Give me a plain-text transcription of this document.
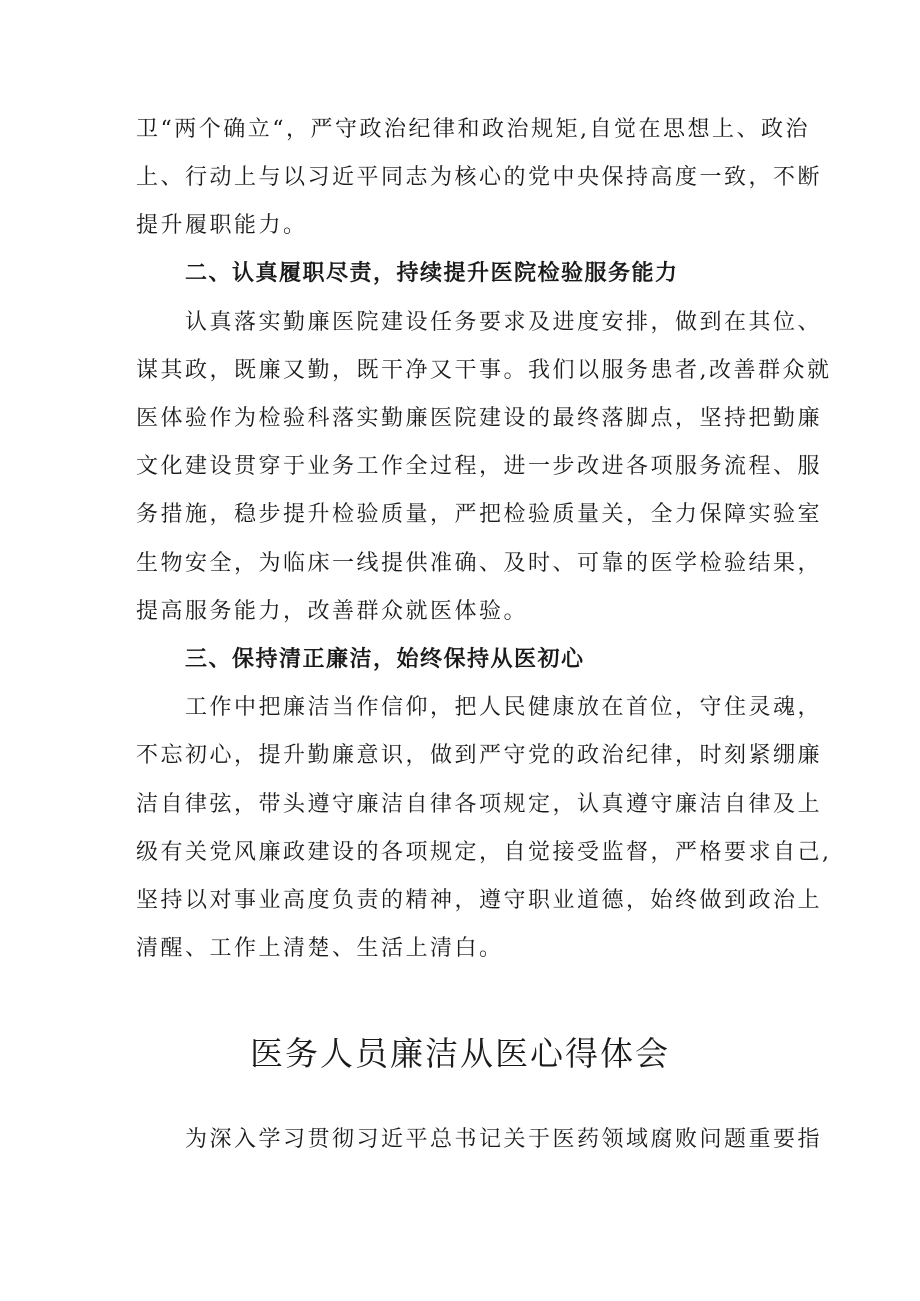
卫“两个确立“，严守政治纪律和政治规矩,自觉在思想上、政治
上、行动上与以习近平同志为核心的党中央保持高度一致，不断
提升履职能力。
二、认真履职尽责，持续提升医院检验服务能力
认真落实勤廉医院建设任务要求及进度安排，做到在其位、
谋其政，既廉又勤，既干净又干事。我们以服务患者,改善群众就
医体验作为检验科落实勤廉医院建设的最终落脚点，坚持把勤廉
文化建设贯穿于业务工作全过程，进一步改进各项服务流程、服
务措施，稳步提升检验质量，严把检验质量关，全力保障实验室
生物安全，为临床一线提供准确、及时、可靠的医学检验结果，
提高服务能力，改善群众就医体验。
三、保持清正廉洁，始终保持从医初心
工作中把廉洁当作信仰，把人民健康放在首位，守住灵魂，
不忘初心，提升勤廉意识，做到严守党的政治纪律，时刻紧绷廉
洁自律弦，带头遵守廉洁自律各项规定，认真遵守廉洁自律及上
级有关党风廉政建设的各项规定，自觉接受监督，严格要求自己,
坚持以对事业高度负责的精神，遵守职业道德，始终做到政治上
清醒、工作上清楚、生活上清白。
医务人员廉洁从医心得体会
为深入学习贯彻习近平总书记关于医药领域腐败问题重要指
